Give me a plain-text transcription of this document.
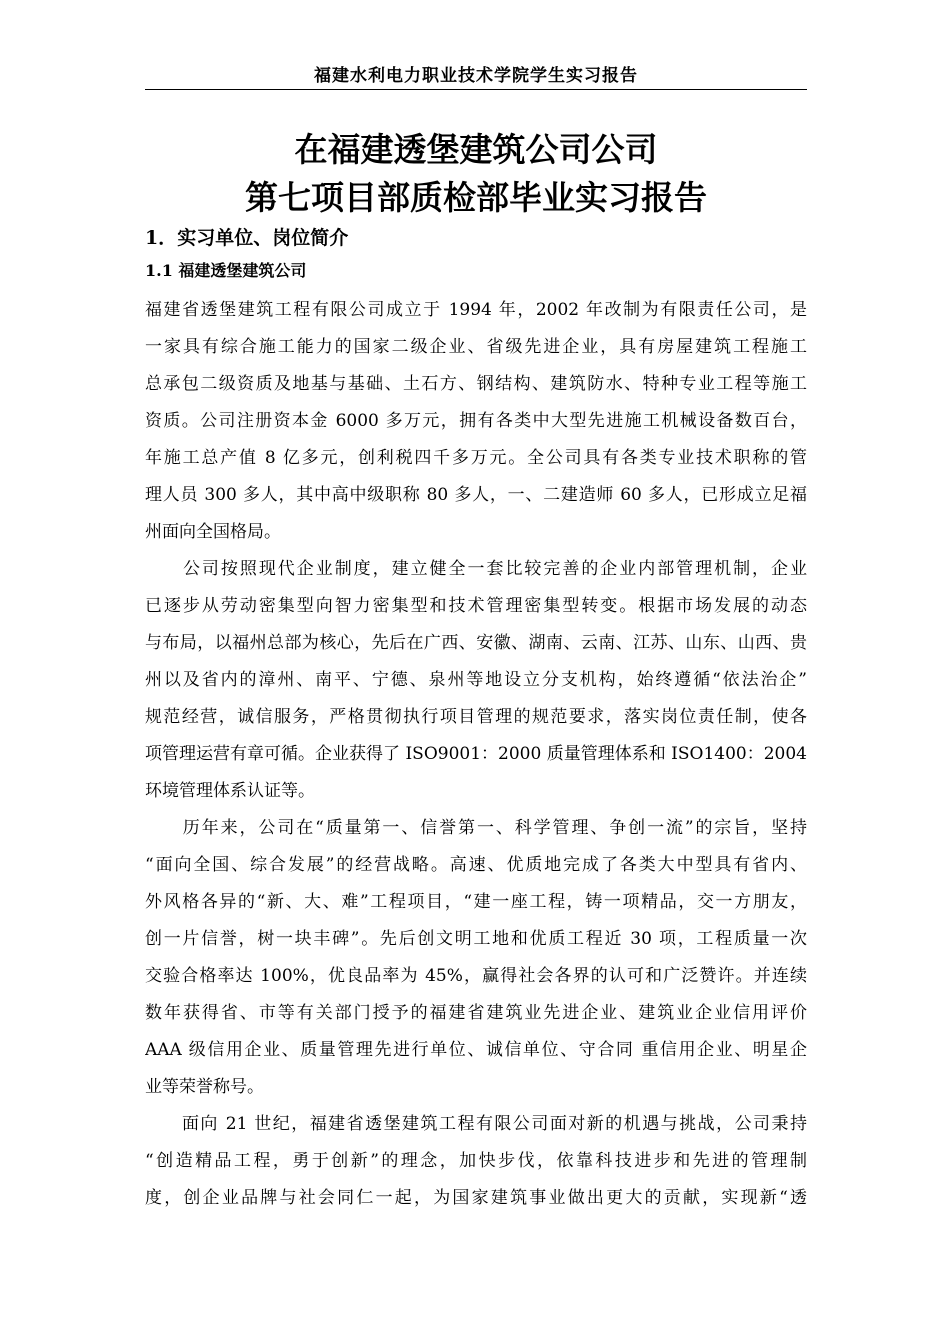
福建水利电力职业技术学院学生实习报告
在福建透堡建筑公司公司
第七项目部质检部毕业实习报告
1．实习单位、岗位简介
1.1 福建透堡建筑公司
福建省透堡建筑工程有限公司成立于 1994 年，2002 年改制为有限责任公司，是
一家具有综合施工能力的国家二级企业、省级先进企业，具有房屋建筑工程施工
总承包二级资质及地基与基础、土石方、钢结构、建筑防水、特种专业工程等施工
资质。公司注册资本金 6000 多万元，拥有各类中大型先进施工机械设备数百台，
年施工总产值 8 亿多元，创利税四千多万元。全公司具有各类专业技术职称的管
理人员 300 多人，其中高中级职称 80 多人，一、二建造师 60 多人，已形成立足福
州面向全国格局。
　　公司按照现代企业制度，建立健全一套比较完善的企业内部管理机制，企业
已逐步从劳动密集型向智力密集型和技术管理密集型转变。根据市场发展的动态
与布局，以福州总部为核心，先后在广西、安徽、湖南、云南、江苏、山东、山西、贵
州以及省内的漳州、南平、宁德、泉州等地设立分支机构，始终遵循“依法治企”
规范经营，诚信服务，严格贯彻执行项目管理的规范要求，落实岗位责任制，使各
项管理运营有章可循。企业获得了 ISO9001：2000 质量管理体系和 ISO1400：2004
环境管理体系认证等。
　　历年来，公司在“质量第一、信誉第一、科学管理、争创一流”的宗旨，坚持
“面向全国、综合发展”的经营战略。高速、优质地完成了各类大中型具有省内、
外风格各异的“新、大、难”工程项目，“建一座工程，铸一项精品，交一方朋友，
创一片信誉，树一块丰碑”。先后创文明工地和优质工程近 30 项，工程质量一次
交验合格率达 100%，优良品率为 45%，赢得社会各界的认可和广泛赞许。并连续
数年获得省、市等有关部门授予的福建省建筑业先进企业、建筑业企业信用评价
AAA 级信用企业、质量管理先进行单位、诚信单位、守合同 重信用企业、明星企
业等荣誉称号。
　　面向 21 世纪，福建省透堡建筑工程有限公司面对新的机遇与挑战，公司秉持
“创造精品工程，勇于创新”的理念，加快步伐，依靠科技进步和先进的管理制
度，创企业品牌与社会同仁一起，为国家建筑事业做出更大的贡献，实现新“透
